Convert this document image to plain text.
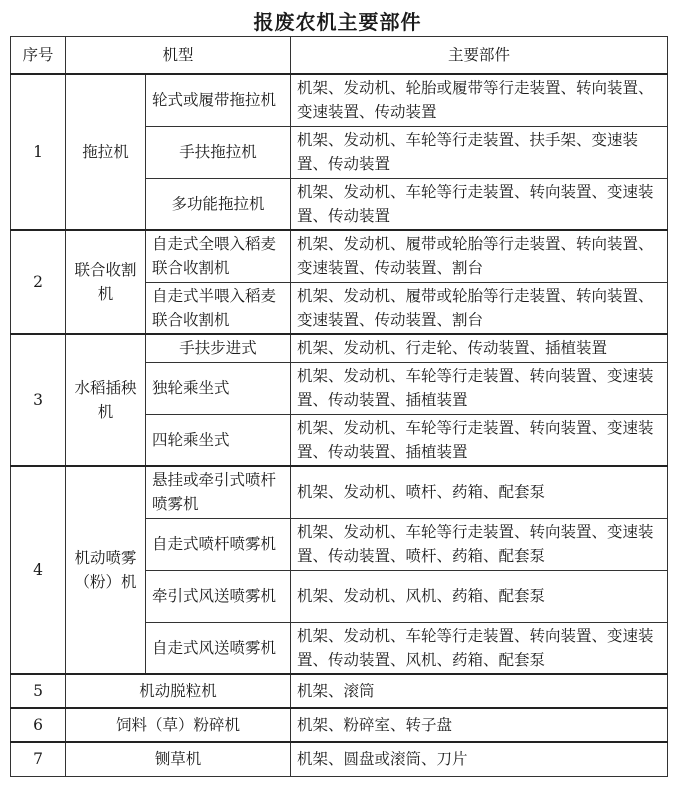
报废农机主要部件
序号	机型		主要部件
1	拖拉机	轮式或履带拖拉机	机架、发动机、轮胎或履带等行走装置、转向装置、变速装置、传动装置
		手扶拖拉机	机架、发动机、车轮等行走装置、扶手架、变速装置、传动装置
		多功能拖拉机	机架、发动机、车轮等行走装置、转向装置、变速装置、传动装置
2	联合收割机	自走式全喂入稻麦联合收割机	机架、发动机、履带或轮胎等行走装置、转向装置、变速装置、传动装置、割台
		自走式半喂入稻麦联合收割机	机架、发动机、履带或轮胎等行走装置、转向装置、变速装置、传动装置、割台
3	水稻插秧机	手扶步进式	机架、发动机、行走轮、传动装置、插植装置
		独轮乘坐式	机架、发动机、车轮等行走装置、转向装置、变速装置、传动装置、插植装置
		四轮乘坐式	机架、发动机、车轮等行走装置、转向装置、变速装置、传动装置、插植装置
4	机动喷雾（粉）机	悬挂或牵引式喷杆喷雾机	机架、发动机、喷杆、药箱、配套泵
		自走式喷杆喷雾机	机架、发动机、车轮等行走装置、转向装置、变速装置、传动装置、喷杆、药箱、配套泵
		牵引式风送喷雾机	机架、发动机、风机、药箱、配套泵
		自走式风送喷雾机	机架、发动机、车轮等行走装置、转向装置、变速装置、传动装置、风机、药箱、配套泵
5	机动脱粒机		机架、滚筒
6	饲料（草）粉碎机		机架、粉碎室、转子盘
7	铡草机		机架、圆盘或滚筒、刀片
